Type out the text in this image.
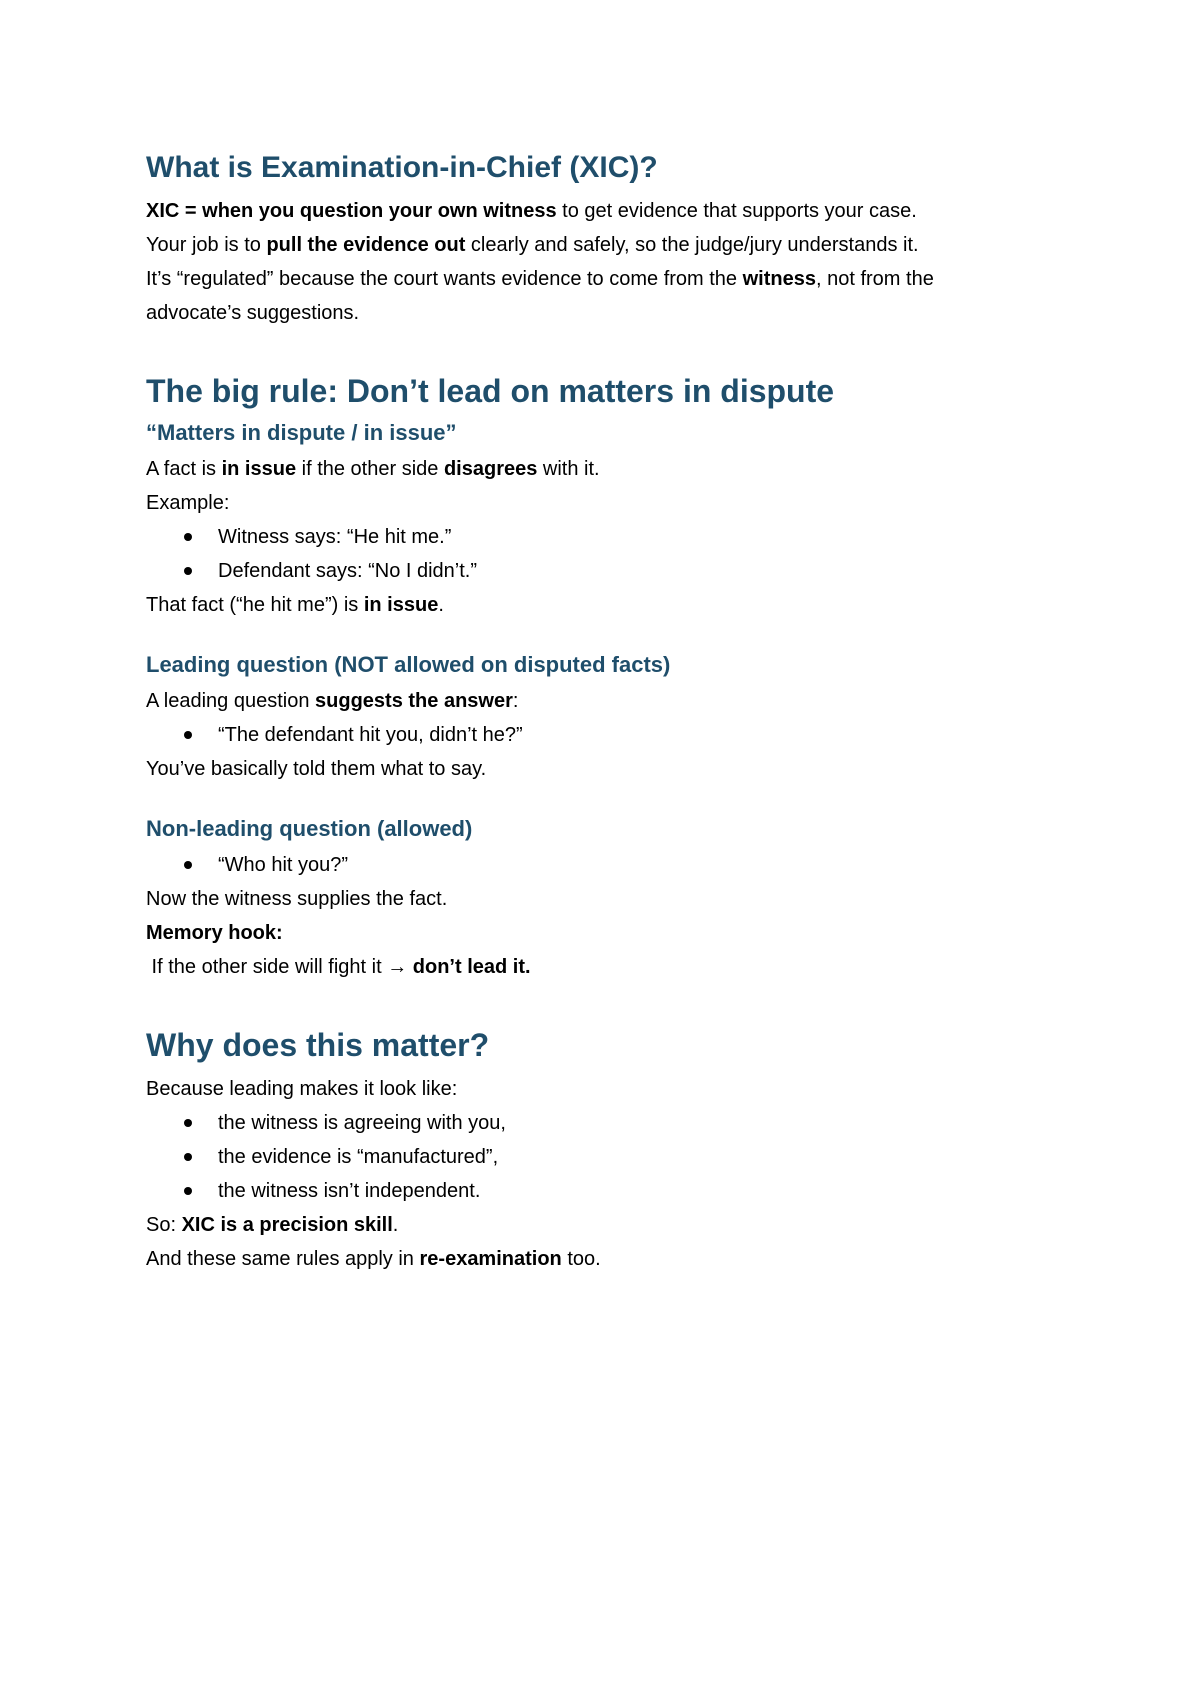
What is Examination-in-Chief (XIC)?

XIC = when you question your own witness to get evidence that supports your case.

Your job is to pull the evidence out clearly and safely, so the judge/jury understands it.

It’s “regulated” because the court wants evidence to come from the witness, not from the

advocate’s suggestions.

The big rule: Don’t lead on matters in dispute
“Matters in dispute / in issue”

A fact is in issue if the other side disagrees with it.

Example:

Witness says: “He hit me.”
Defendant says: “No I didn’t.”

That fact (“he hit me”) is in issue.

Leading question (NOT allowed on disputed facts)

A leading question suggests the answer:

“The defendant hit you, didn’t he?”

You’ve basically told them what to say.

Non-leading question (allowed)
“Who hit you?”

Now the witness supplies the fact.

Memory hook:

If the other side will fight it → don’t lead it.

Why does this matter?

Because leading makes it look like:

the witness is agreeing with you,
the evidence is “manufactured”,
the witness isn’t independent.

So: XIC is a precision skill.

And these same rules apply in re-examination too.
